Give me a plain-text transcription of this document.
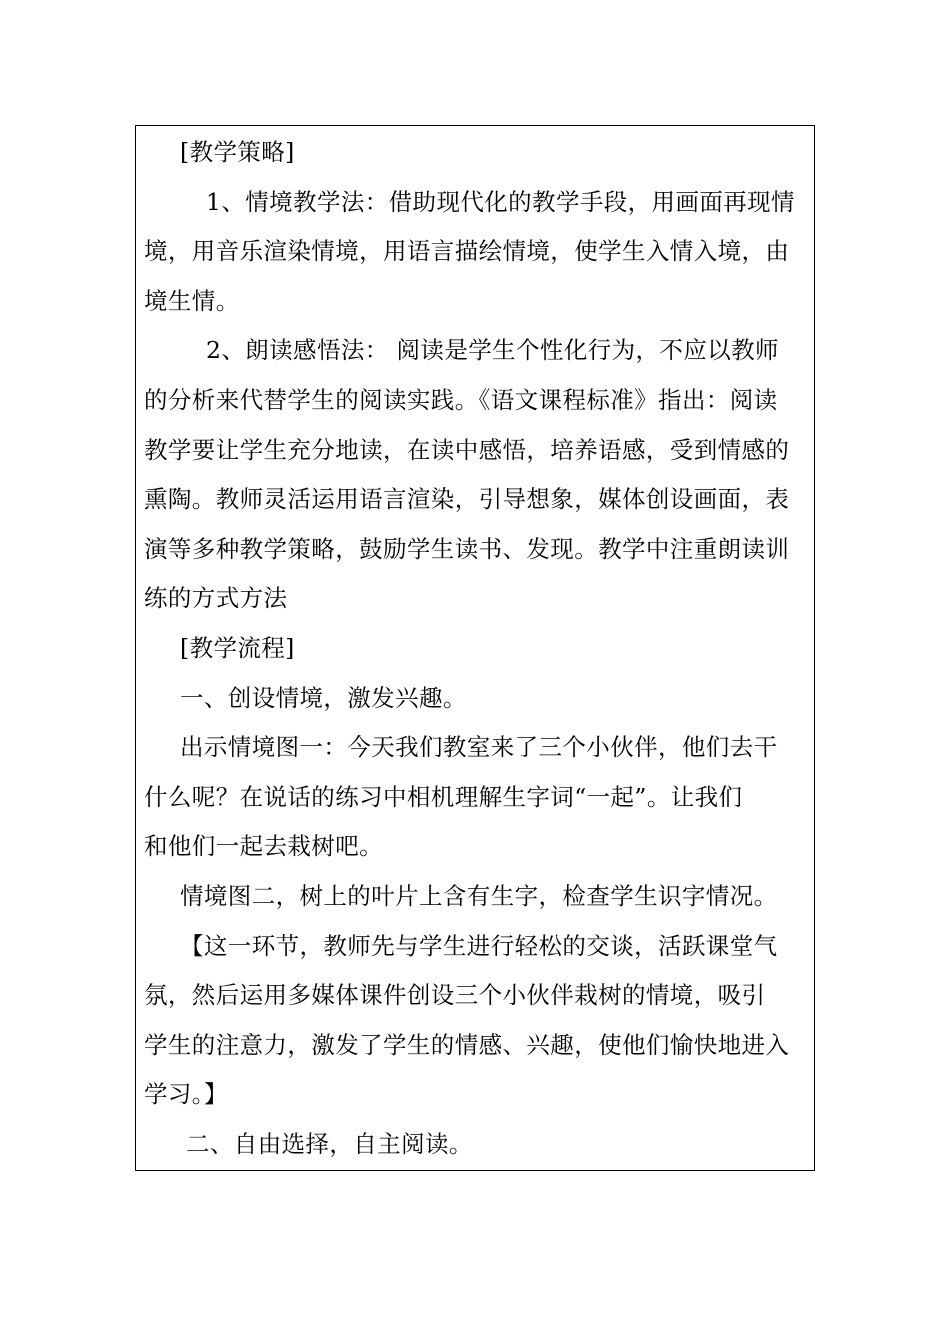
[教学策略]

1、情境教学法：借助现代化的教学手段，用画面再现情

境，用音乐渲染情境，用语言描绘情境，使学生入情入境，由

境生情。

2、朗读感悟法： 阅读是学生个性化行为，不应以教师

的分析来代替学生的阅读实践。《语文课程标准》指出：阅读

教学要让学生充分地读，在读中感悟，培养语感，受到情感的

熏陶。教师灵活运用语言渲染，引导想象，媒体创设画面，表

演等多种教学策略，鼓励学生读书、发现。教学中注重朗读训

练的方式方法

[教学流程]

一、创设情境，激发兴趣。

出示情境图一：今天我们教室来了三个小伙伴，他们去干

什么呢？在说话的练习中相机理解生字词“一起”。让我们

和他们一起去栽树吧。

情境图二，树上的叶片上含有生字，检查学生识字情况。

【这一环节，教师先与学生进行轻松的交谈，活跃课堂气

氛，然后运用多媒体课件创设三个小伙伴栽树的情境，吸引

学生的注意力，激发了学生的情感、兴趣，使他们愉快地进入

学习。】

二、自由选择，自主阅读。
